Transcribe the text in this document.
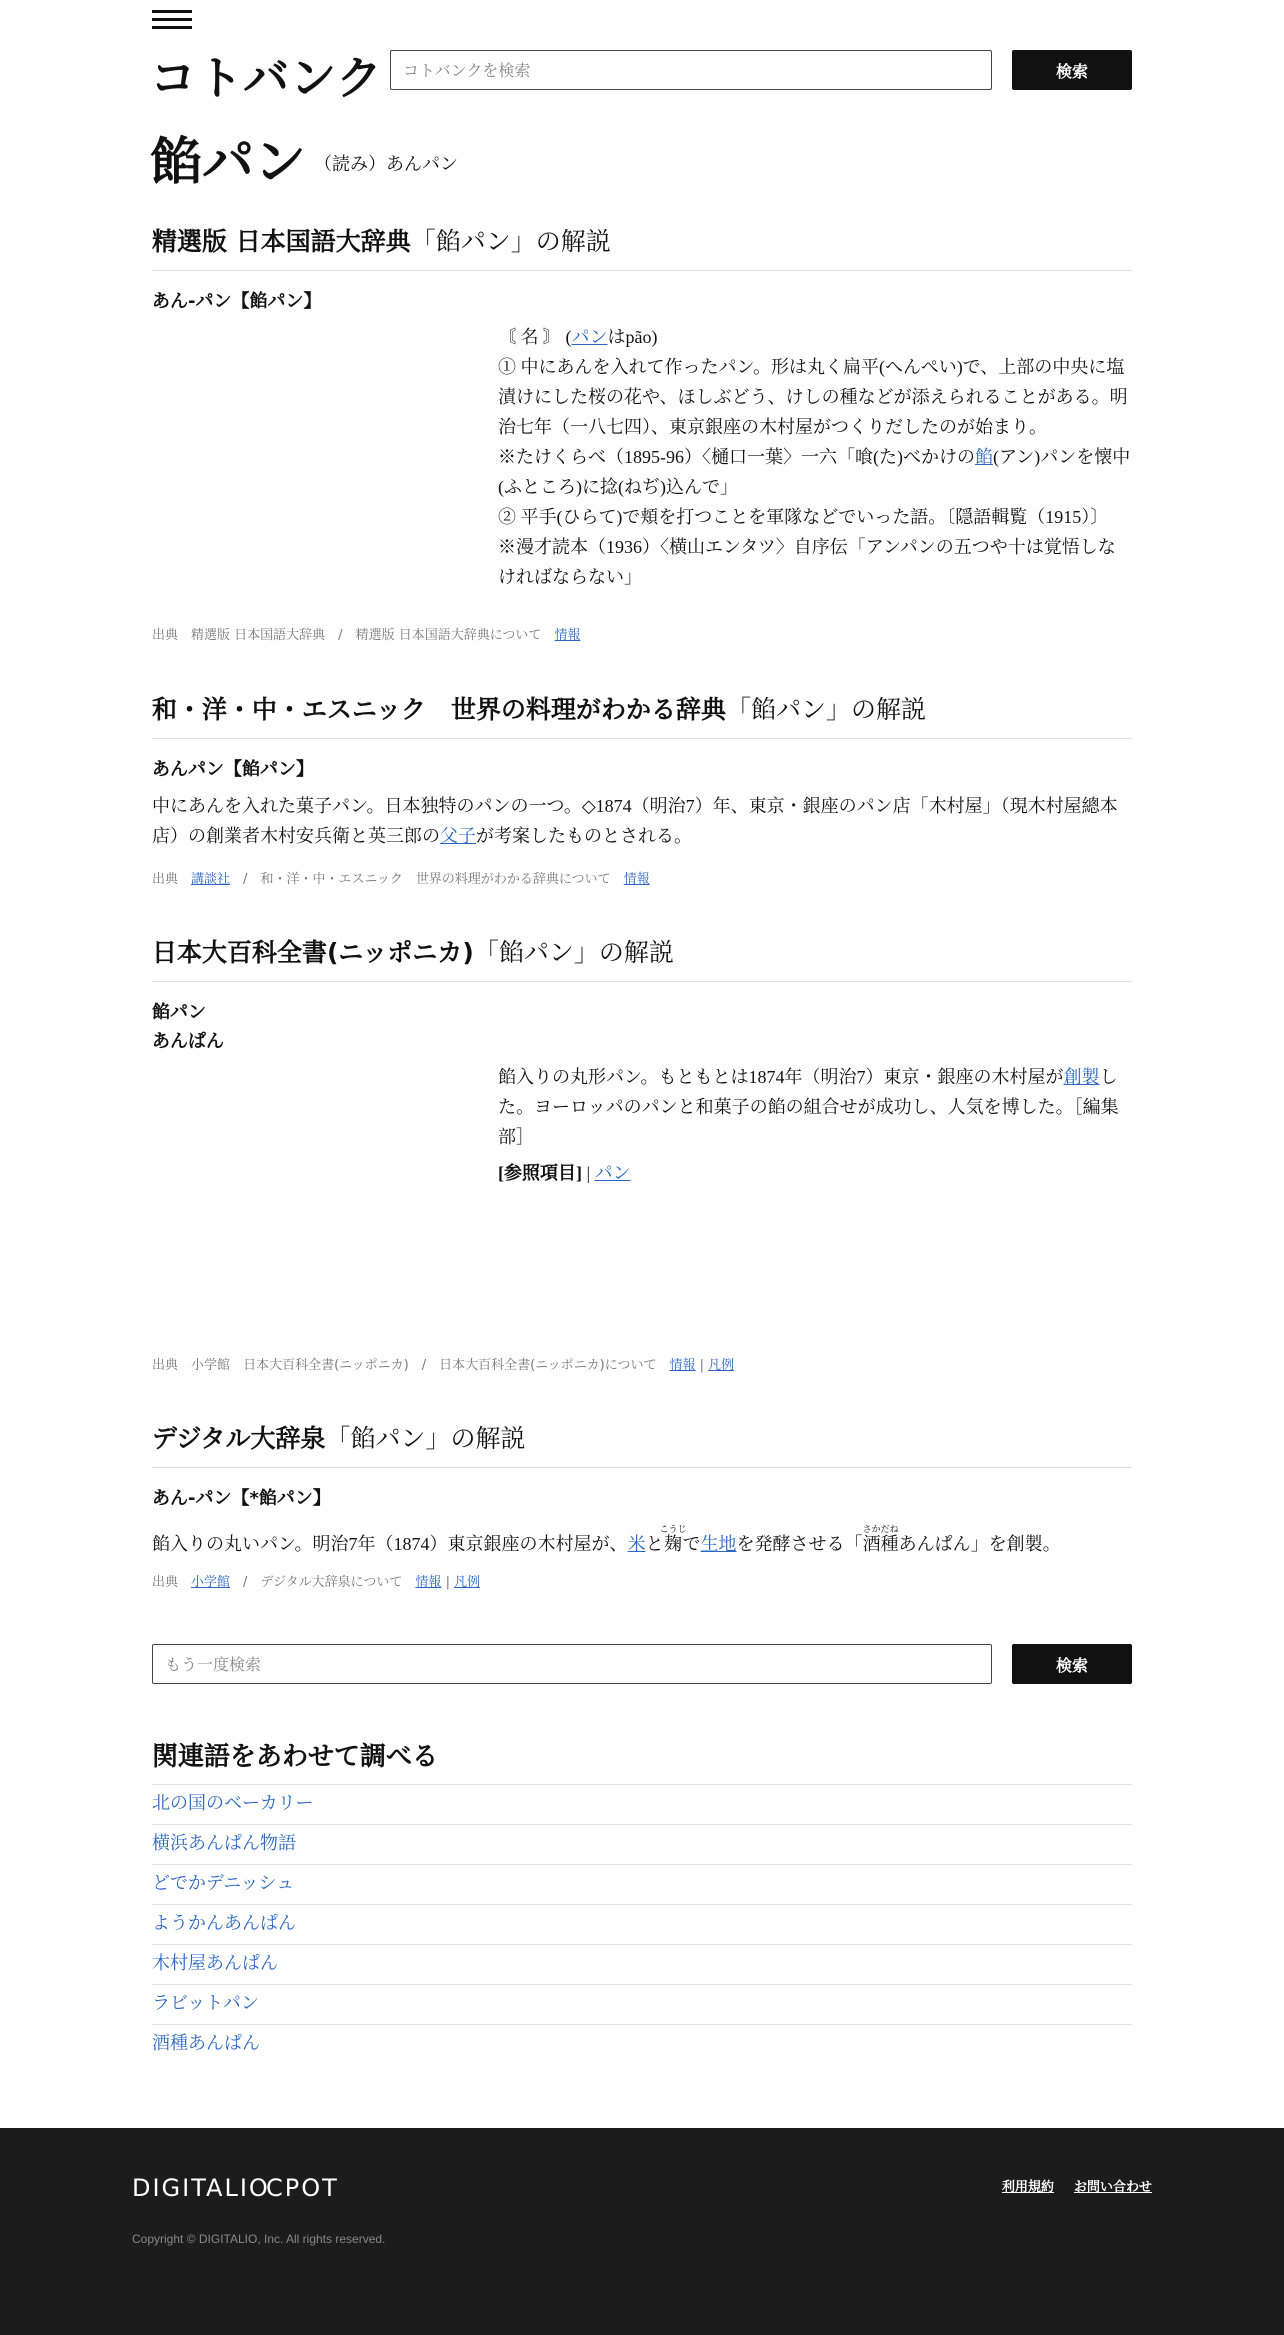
コトバンク
コトバンクを検索	検索
餡パン （読み）あんパン
精選版 日本国語大辞典「餡パン」の解説
あん‐パン【餡パン】
〘 名 〙 (パンはpão)
① 中にあんを入れて作ったパン。形は丸く扁平(へんぺい)で、上部の中央に塩漬けにした桜の花や、ほしぶどう、けしの種などが添えられることがある。明治七年（一八七四）、東京銀座の木村屋がつくりだしたのが始まり。
※たけくらべ（1895‐96）〈樋口一葉〉一六「喰(た)べかけの餡(アン)パンを懐中(ふところ)に捻(ねぢ)込んで」
② 平手(ひらて)で頬を打つことを軍隊などでいった語。〔隠語輯覧（1915）〕
※漫才読本（1936）〈横山エンタツ〉自序伝「アンパンの五つや十は覚悟しなければならない」
出典　 精選版 日本国語大辞典　/　精選版 日本国語大辞典について　 情報
和・洋・中・エスニック　世界の料理がわかる辞典「餡パン」の解説
あんパン【餡パン】
中にあんを入れた菓子パン。日本独特のパンの一つ。◇1874（明治7）年、東京・銀座のパン店「木村屋」（現木村屋總本店）の創業者木村安兵衛と英三郎の父子が考案したものとされる。
出典　 講談社　/　和・洋・中・エスニック　世界の料理がわかる辞典について　 情報
日本大百科全書(ニッポニカ)「餡パン」の解説
餡パン
あんぱん
餡入りの丸形パン。もともとは1874年（明治7）東京・銀座の木村屋が創製した。ヨーロッパのパンと和菓子の餡の組合せが成功し、人気を博した。［編集部］
[参照項目] | パン
出典　 小学館　 日本大百科全書(ニッポニカ)　/　日本大百科全書(ニッポニカ)について　 情報 | 凡例
デジタル大辞泉「餡パン」の解説
あん‐パン【*餡パン】
餡入りの丸いパン。明治7年（1874）東京銀座の木村屋が、米と麹こうじで生地を発酵させる「酒種さかだねあんぱん」を創製。
出典　 小学館　/　デジタル大辞泉について　 情報 | 凡例
もう一度検索
検索
関連語をあわせて調べる
北の国のベーカリー
横浜あんぱん物語
どでかデニッシュ
ようかんあんぱん
木村屋あんぱん
ラビットパン
酒種あんぱん
DIGITALIO
CPOT	利用規約 お問い合わせ
Copyright © DIGITALIO, Inc. All rights reserved.
